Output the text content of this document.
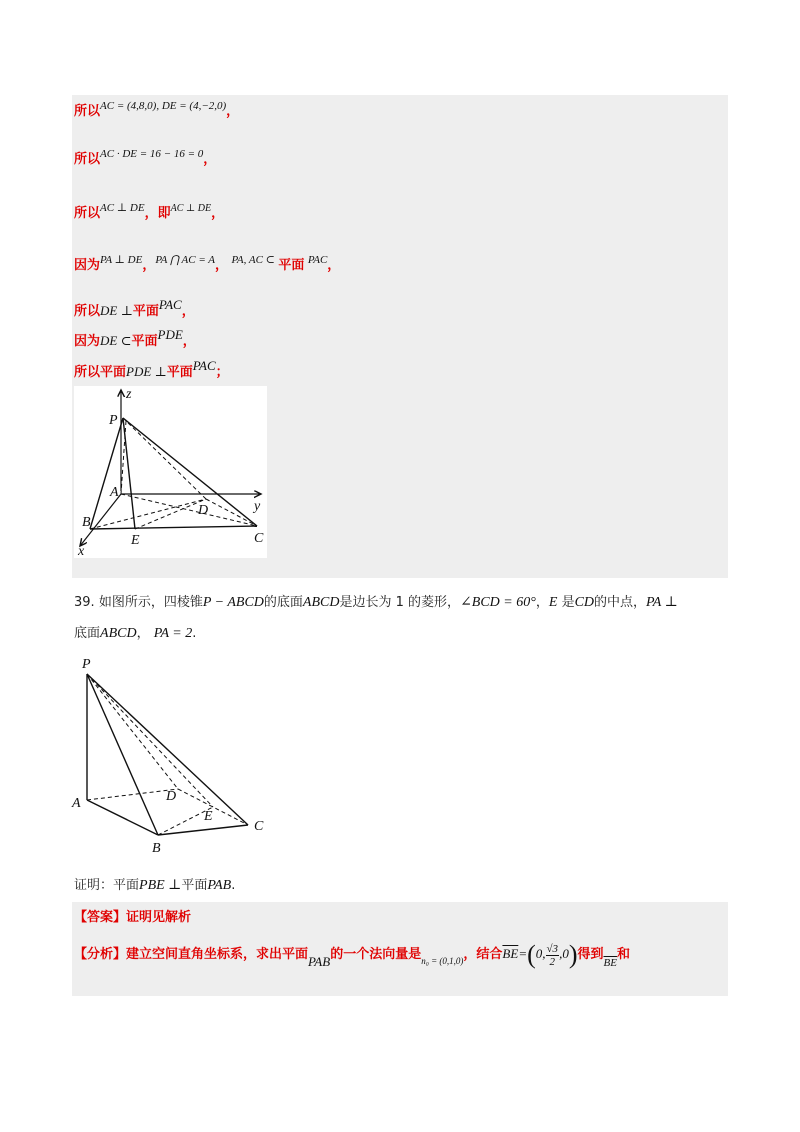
所以$^{AC = (4,8,0), DE = (4,-2,0)}$，
所以$^{AC \cdot DE = 16 - 16 = 0}$，
所以$^{AC \perp DE}$，即$^{AC \perp DE}$，
因为$^{PA \perp DE}$，$^{PA ⋂ AC = A}$， $^{PA, AC \subset}$ 平面 $^{PAC}$，
所以DE ⊥平面PAC，
因为DE ⊂平面PDE，
所以平面PDE ⊥平面PAC；
z
P
A
D	y
B
E	C
x
39. 如图所示，四棱锥P − ABCD的底面ABCD是边长为 1 的菱形，∠BCD = 60°，E 是CD的中点，PA ⊥
底面ABCD， PA = 2.
P
A	D
E
C
B
证明：平面PBE ⊥平面PAB.
【答案】证明见解析
【分析】建立空间直角坐标系，求出平面PAB的一个法向量是$_{n_0 = (0,1,0)}$，结合$\overline{BE}=(0$, $\frac{√3}{2} ,0$)得到$_{\overline{BE}}$和
